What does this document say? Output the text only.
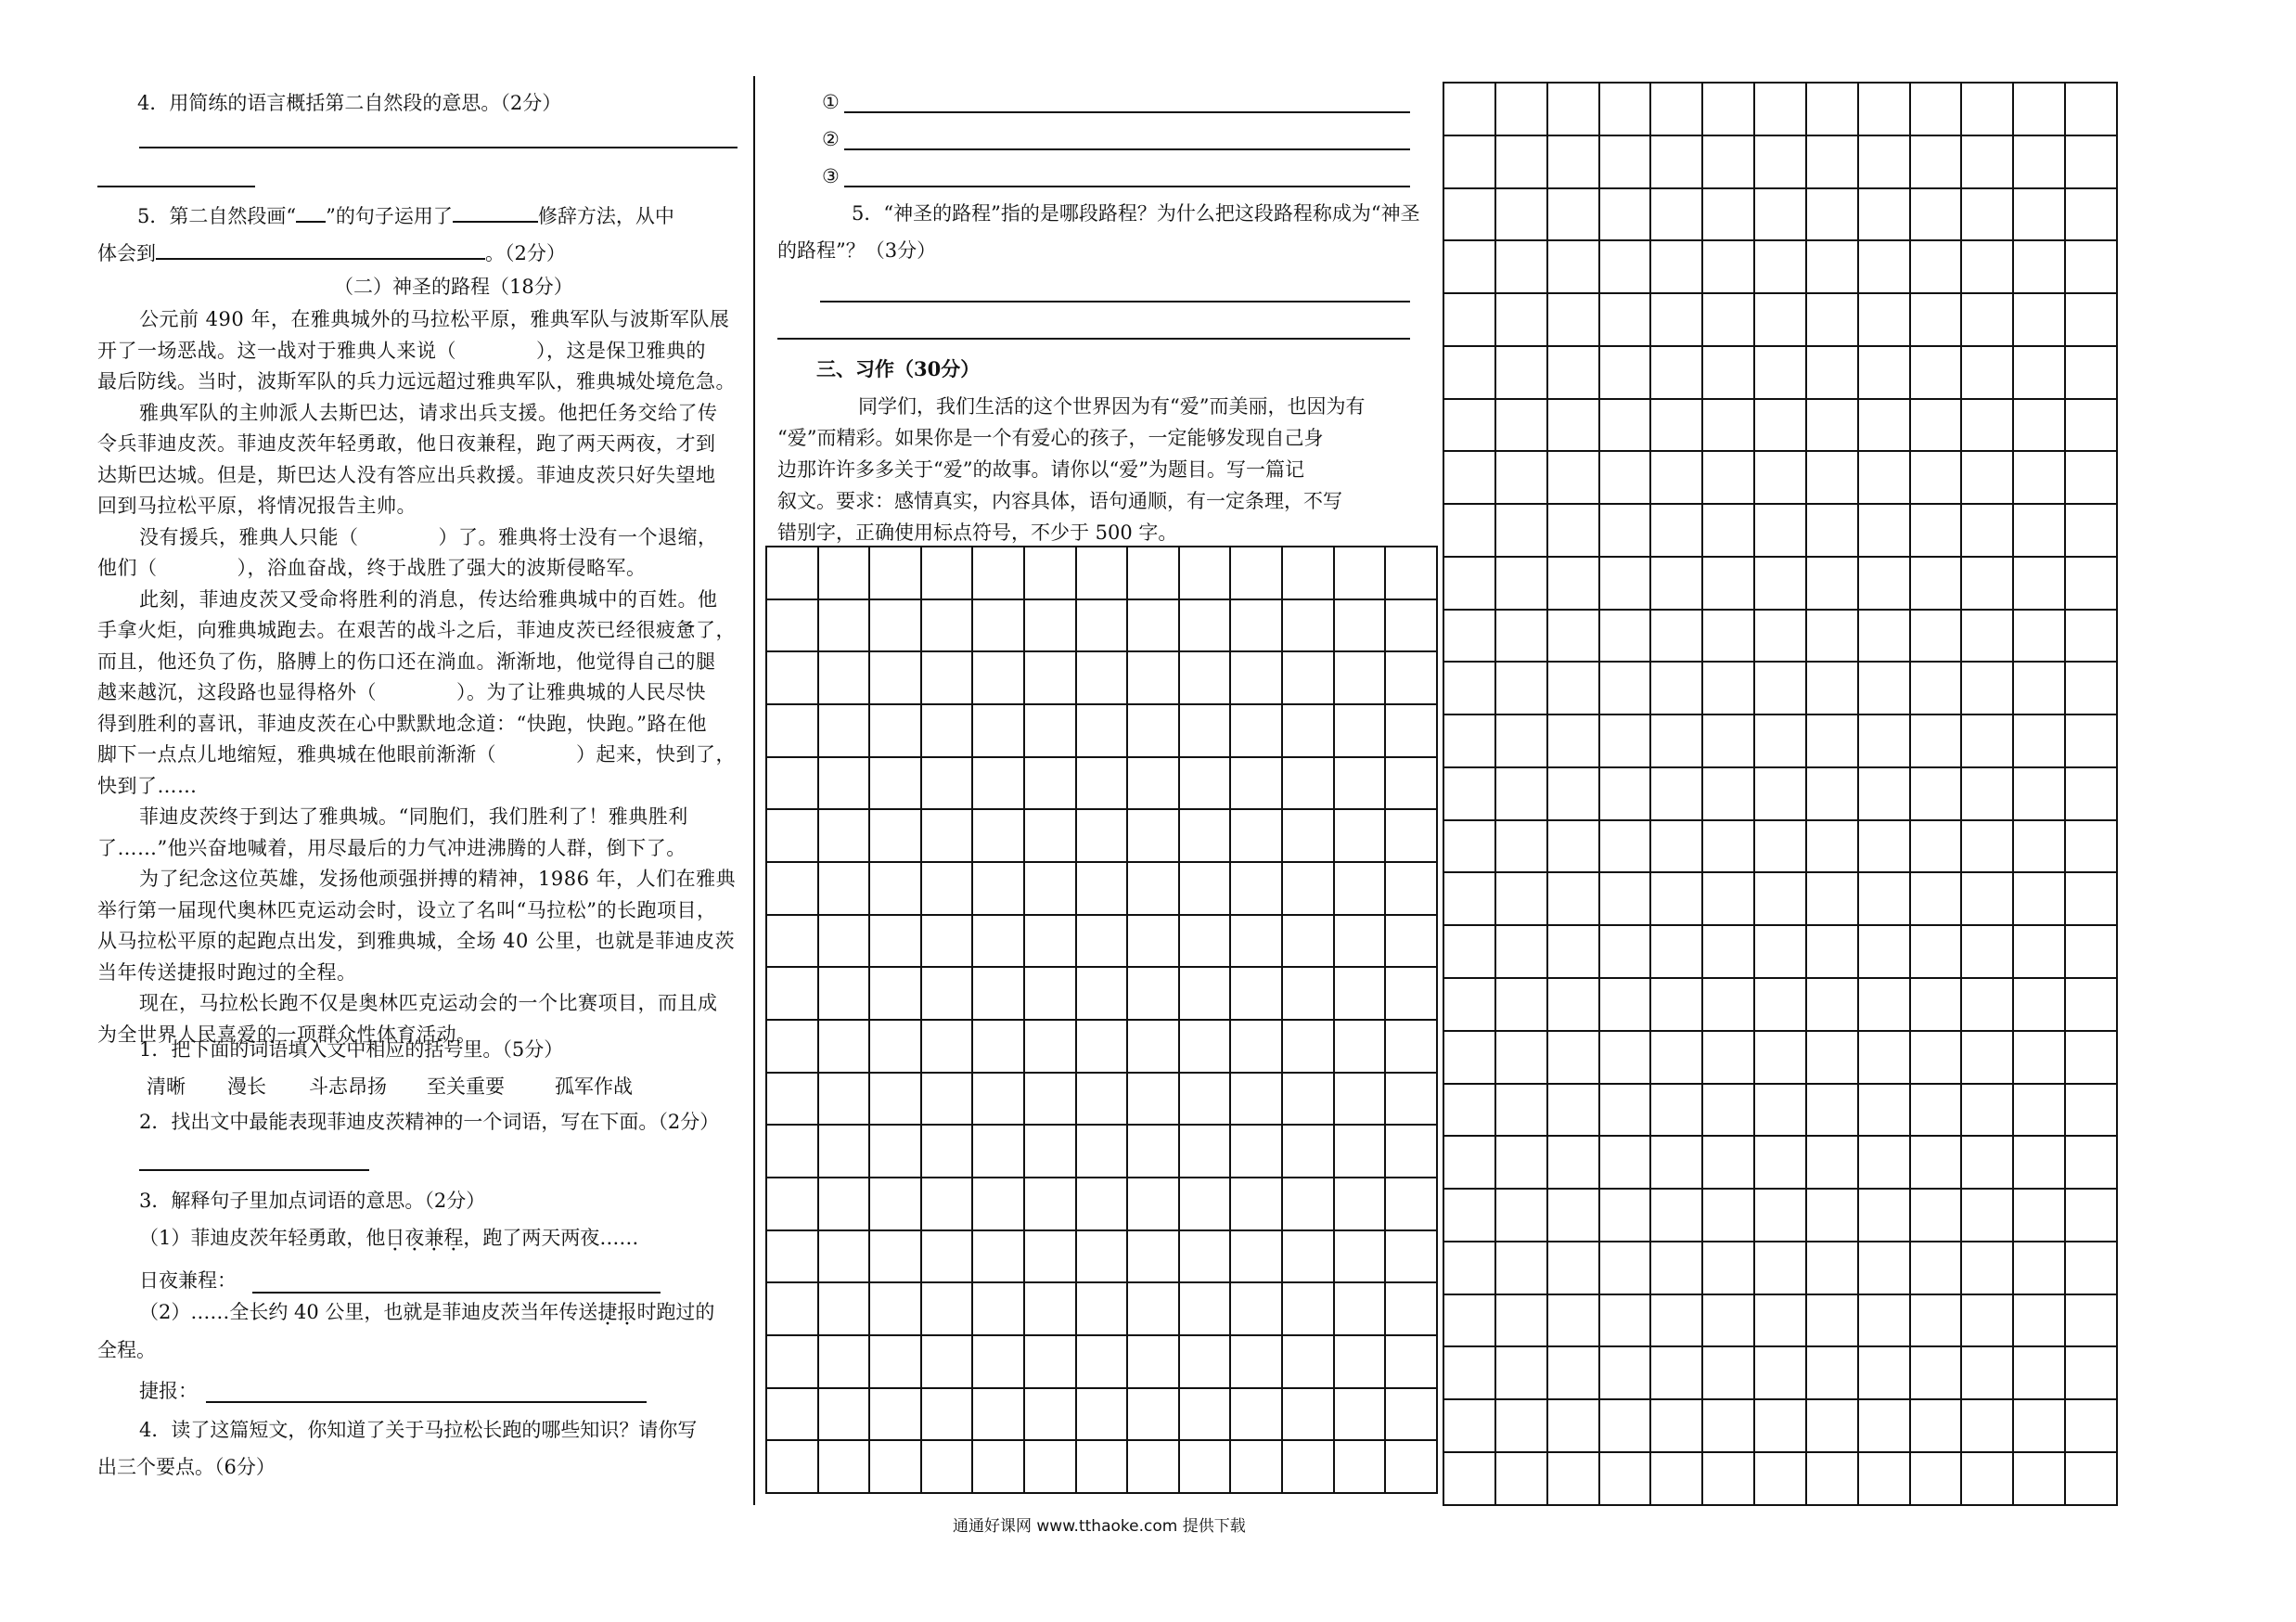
4．用简练的语言概括第二自然段的意思。（2分）
5．第二自然段画“ ”的句子运用了	修辞方法，从中
体会到	。（2分）
（二）神圣的路程（18分）
公元前 490 年，在雅典城外的马拉松平原，雅典军队与波斯军队展
开了一场恶战。这一战对于雅典人来说（　　　　），这是保卫雅典的
最后防线。当时，波斯军队的兵力远远超过雅典军队，雅典城处境危急。
雅典军队的主帅派人去斯巴达，请求出兵支援。他把任务交给了传
令兵菲迪皮茨。菲迪皮茨年轻勇敢，他日夜兼程，跑了两天两夜，才到
达斯巴达城。但是，斯巴达人没有答应出兵救援。菲迪皮茨只好失望地
回到马拉松平原，将情况报告主帅。
没有援兵，雅典人只能（　　　　）了。雅典将士没有一个退缩，
他们（　　　　），浴血奋战，终于战胜了强大的波斯侵略军。
此刻，菲迪皮茨又受命将胜利的消息，传达给雅典城中的百姓。他
手拿火炬，向雅典城跑去。在艰苦的战斗之后，菲迪皮茨已经很疲惫了，
而且，他还负了伤，胳膊上的伤口还在淌血。渐渐地，他觉得自己的腿
越来越沉，这段路也显得格外（　　　　）。为了让雅典城的人民尽快
得到胜利的喜讯，菲迪皮茨在心中默默地念道：“快跑，快跑。”路在他
脚下一点点儿地缩短，雅典城在他眼前渐渐（　　　　）起来，快到了，
快到了……
菲迪皮茨终于到达了雅典城。“同胞们，我们胜利了！雅典胜利
了……”他兴奋地喊着，用尽最后的力气冲进沸腾的人群，倒下了。
为了纪念这位英雄，发扬他顽强拼搏的精神，1986 年，人们在雅典
举行第一届现代奥林匹克运动会时，设立了名叫“马拉松”的长跑项目，
从马拉松平原的起跑点出发，到雅典城，全场 40 公里，也就是菲迪皮茨
当年传送捷报时跑过的全程。
现在，马拉松长跑不仅是奥林匹克运动会的一个比赛项目，而且成
为全世界人民喜爱的一项群众性体育活动。
1．把下面的词语填入文中相应的括号里。（5分）
清晰 漫长 斗志昂扬 至关重要	孤军作战
2．找出文中最能表现菲迪皮茨精神的一个词语，写在下面。（2分）
3．解释句子里加点词语的意思。（2分）
（1）菲迪皮茨年轻勇敢，他日夜兼程，跑了两天两夜……
日夜兼程：
（2）……全长约 40 公里，也就是菲迪皮茨当年传送捷报时跑过的
全程。
捷报：
4．读了这篇短文，你知道了关于马拉松长跑的哪些知识？请你写
出三个要点。（6分）
①
②
③
5．“神圣的路程”指的是哪段路程？为什么把这段路程称成为“神圣
的路程”？（3分）
三、习作（30分）
同学们，我们生活的这个世界因为有“爱”而美丽，也因为有
“爱”而精彩。如果你是一个有爱心的孩子，一定能够发现自己身
边那许许多多关于“爱”的故事。请你以“爱”为题目。写一篇记
叙文。要求：感情真实，内容具体，语句通顺，有一定条理，不写
错别字，正确使用标点符号，不少于 500 字。

通通好课网 www.tthaoke.com 提供下载
